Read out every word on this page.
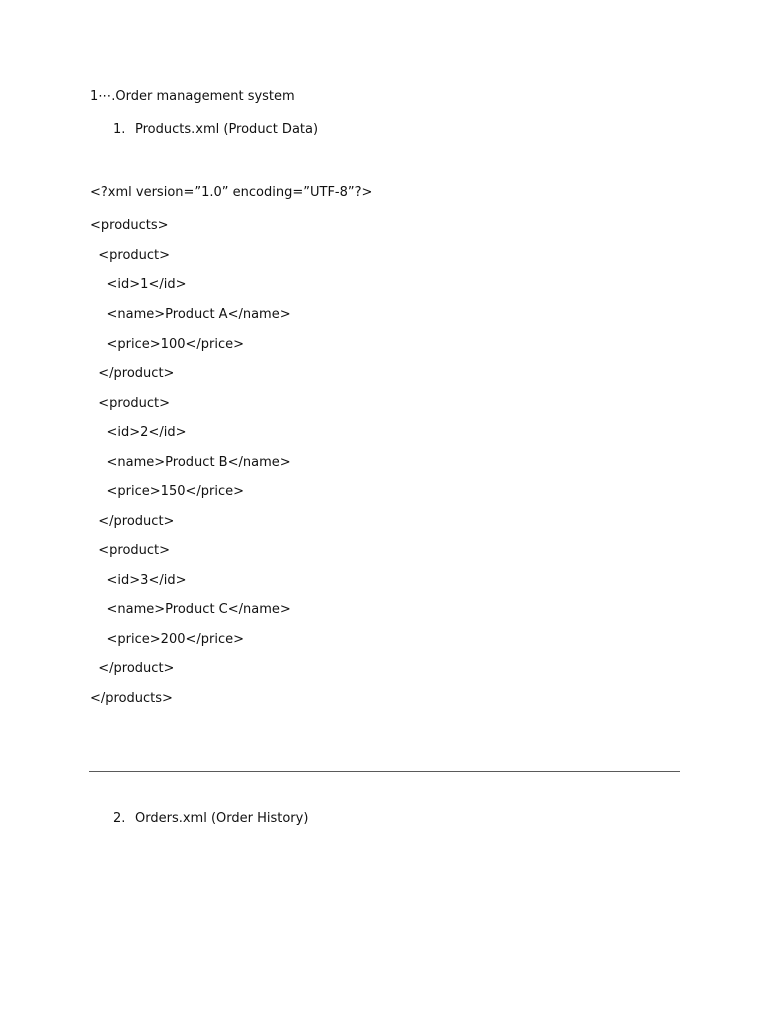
1⋯.Order management system
1. Products.xml (Product Data)
<?xml version=”1.0” encoding=”UTF-8”?>
<products>
<product>
<id>1</id>
<name>Product A</name>
<price>100</price>
</product>
<product>
<id>2</id>
<name>Product B</name>
<price>150</price>
</product>
<product>
<id>3</id>
<name>Product C</name>
<price>200</price>
</product>
</products>
2. Orders.xml (Order History)
